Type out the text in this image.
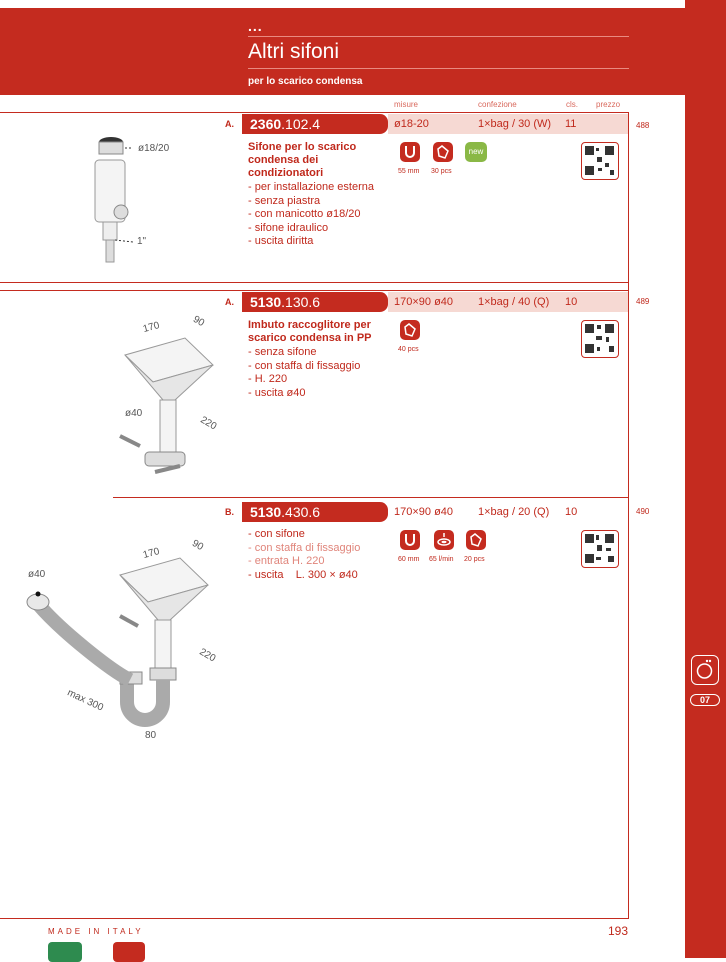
...
Altri sifoni
per lo scarico condensa
misure	confezione	cls. prezzo
A.	2360.102.4	ø18-20	1×bag / 30 (W) 11	488
Sifone per lo scarico condensa dei condizionatori
- per installazione esterna
- senza piastra
- con manicotto ø18/20
- sifone idraulico
- uscita diritta
55 mm 30 pcs
new
ø18/20
1"
A.	5130.130.6	170×90 ø40 1×bag / 40 (Q) 10	489
Imbuto raccoglitore per scarico condensa in PP
- senza sifone
- con staffa di fissaggio
- H. 220
- uscita ø40
40 pcs
170	90
ø40
220
B.	5130.430.6	170×90 ø40 1×bag / 20 (Q) 10	490
- con sifone
- con staffa di fissaggio
- entrata H. 220
- uscita    L. 300 × ø40
60 mm 65 l/min 20 pcs
170
90
ø40
220
max 300
80
07
MADE IN ITALY	193
